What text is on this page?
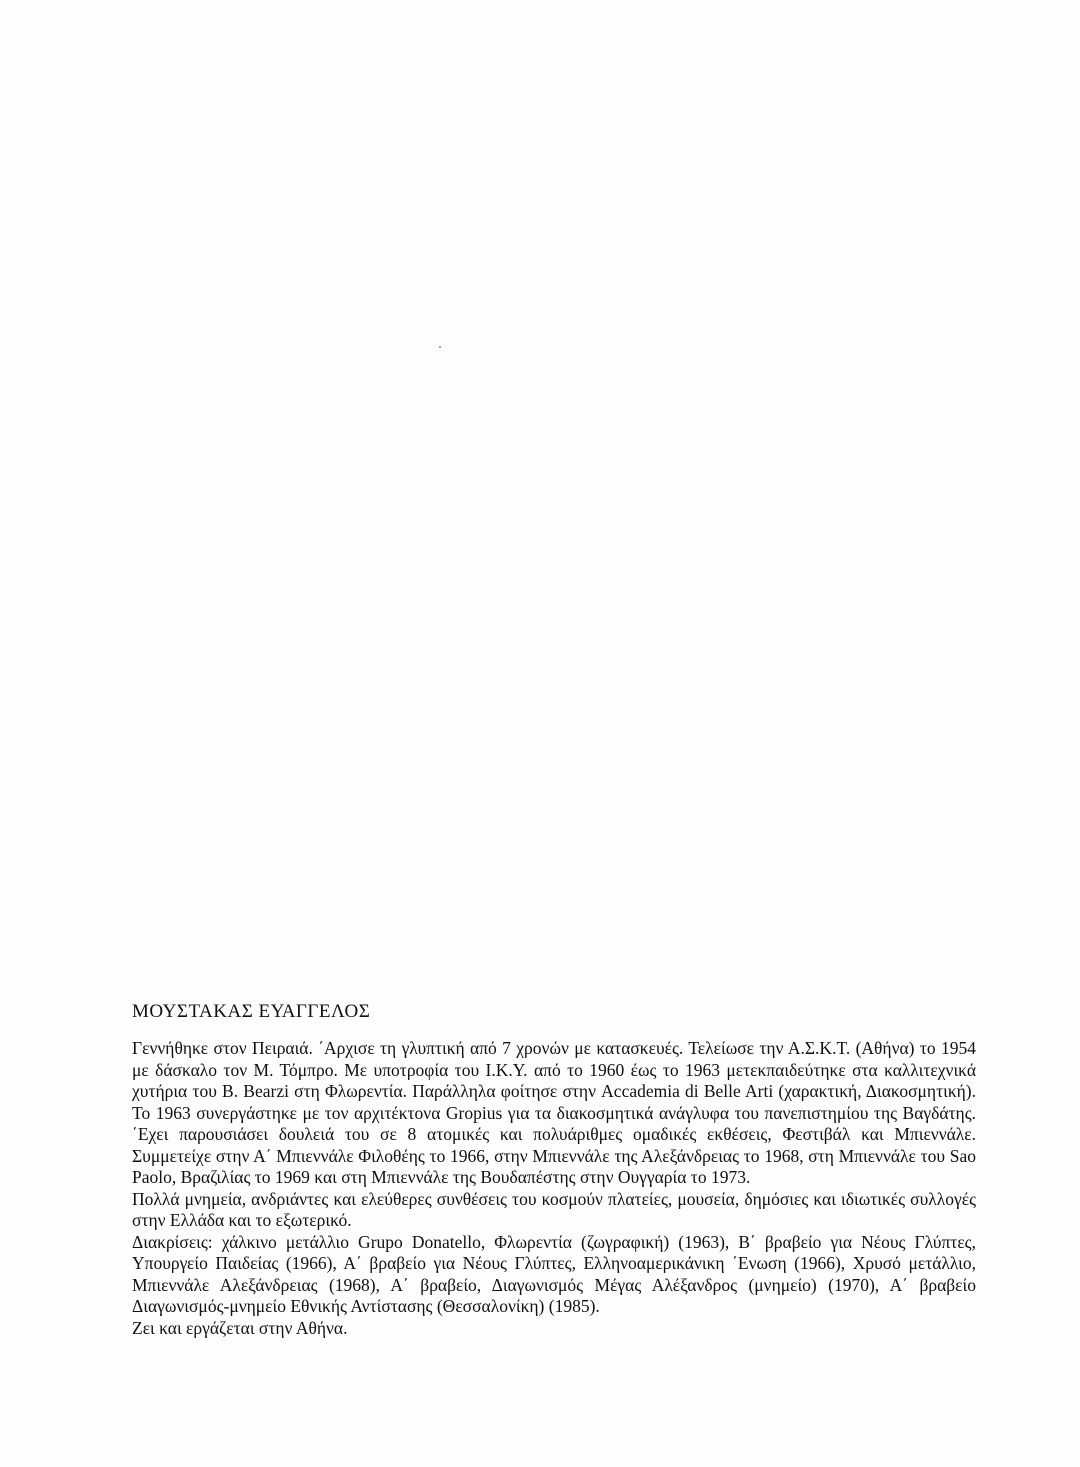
ΜΟΥΣΤΑΚΑΣ ΕΥΑΓΓΕΛΟΣ

Γεννήθηκε στον Πειραιά. ΄Αρχισε τη γλυπτική από 7 χρονών με κατασκευές. Τελείωσε την Α.Σ.Κ.Τ. (Αθήνα) το 1954 με δάσκαλο τον Μ. Τόμπρο. Με υποτροφία του Ι.Κ.Υ. από το 1960 έως το 1963 μετεκπαιδεύτηκε στα καλλιτεχνικά χυτήρια του B. Bearzi στη Φλωρεντία. Παράλληλα φοίτησε στην Accademia di Belle Arti (χαρακτική, Διακοσμητική). Το 1963 συνεργάστηκε με τον αρχιτέκτονα Gropius για τα διακοσμητικά ανάγλυφα του πανεπιστημίου της Βαγδάτης. ΄Εχει παρουσιάσει δουλειά του σε 8 ατομικές και πολυάριθμες ομαδικές εκθέσεις, Φεστιβάλ και Μπιεννάλε. Συμμετείχε στην Α΄ Μπιεννάλε Φιλοθέης το 1966, στην Μπιεννάλε της Αλεξάνδρειας το 1968, στη Μπιεννάλε του Sao Paolo, Βραζιλίας το 1969 και στη Μπιεννάλε της Βουδαπέστης στην Ουγγαρία το 1973.

Πολλά μνημεία, ανδριάντες και ελεύθερες συνθέσεις του κοσμούν πλατείες, μουσεία, δημόσιες και ιδιωτικές συλλογές στην Ελλάδα και το εξωτερικό.

Διακρίσεις: χάλκινο μετάλλιο Grupo Donatello, Φλωρεντία (ζωγραφική) (1963), Β΄ βραβείο για Νέους Γλύπτες, Υπουργείο Παιδείας (1966), Α΄ βραβείο για Νέους Γλύπτες, Ελληνοαμερικάνικη ΄Ενωση (1966), Χρυσό μετάλλιο, Μπιεννάλε Αλεξάνδρειας (1968), Α΄ βραβείο, Διαγωνισμός Μέγας Αλέξανδρος (μνημείο) (1970), Α΄ βραβείο Διαγωνισμός-μνημείο Εθνικής Αντίστασης (Θεσσαλονίκη) (1985).

Ζει και εργάζεται στην Αθήνα.
